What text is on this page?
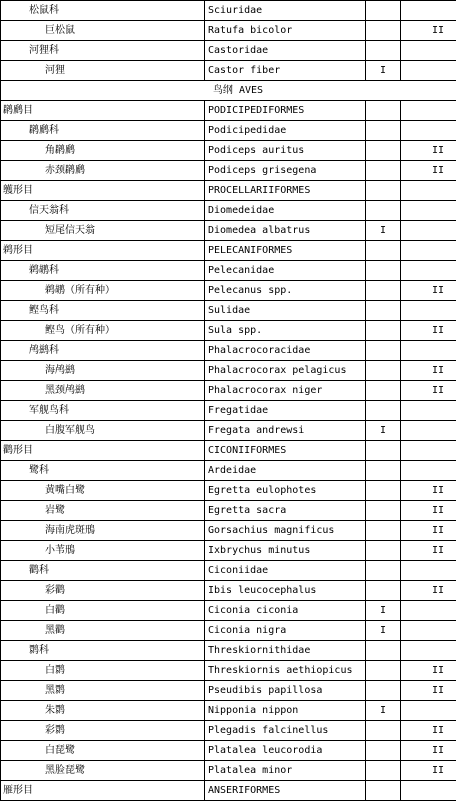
松鼠科	Sciuridae		
巨松鼠	Ratufa bicolor		II
河狸科	Castoridae		
河狸	Castor fiber	I	
鸟纲 AVES			
䴙䴘目	PODICIPEDIFORMES		
䴙䴘科	Podicipedidae		
角䴙䴘	Podiceps auritus		II
赤颈䴙䴘	Podiceps grisegena		II
鹱形目	PROCELLARIIFORMES		
信天翁科	Diomedeidae		
短尾信天翁	Diomedea albatrus	I	
鹈形目	PELECANIFORMES		
鹈鹕科	Pelecanidae		
鹈鹕（所有种）	Pelecanus spp.		II
鲣鸟科	Sulidae		
鲣鸟（所有种）	Sula spp.		II
鸬鹚科	Phalacrocoracidae		
海鸬鹚	Phalacrocorax pelagicus		II
黑颈鸬鹚	Phalacrocorax niger		II
军舰鸟科	Fregatidae		
白腹军舰鸟	Fregata andrewsi	I	
鹳形目	CICONIIFORMES		
鹭科	Ardeidae		
黄嘴白鹭	Egretta eulophotes		II
岩鹭	Egretta sacra		II
海南虎斑鳽	Gorsachius magnificus		II
小苇鳽	Ixbrychus minutus		II
鹳科	Ciconiidae		
彩鹳	Ibis leucocephalus		II
白鹳	Ciconia ciconia	I	
黑鹳	Ciconia nigra	I	
鹮科	Threskiornithidae		
白鹮	Threskiornis aethiopicus		II
黑鹮	Pseudibis papillosa		II
朱鹮	Nipponia nippon	I	
彩鹮	Plegadis falcinellus		II
白琵鹭	Platalea leucorodia		II
黑脸琵鹭	Platalea minor		II
雁形目	ANSERIFORMES		
